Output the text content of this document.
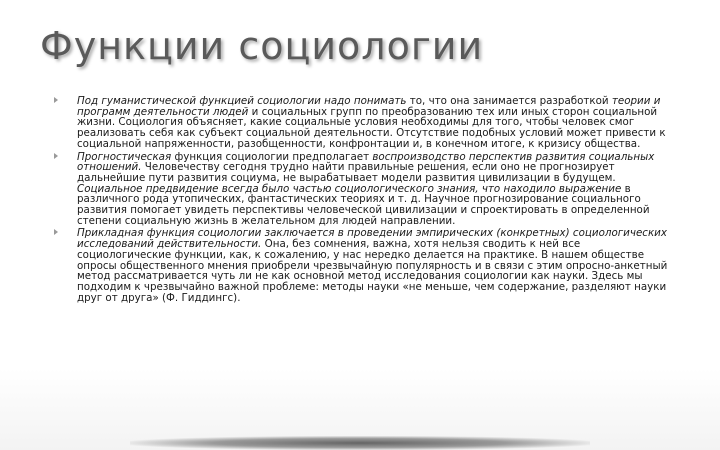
Функции социологии
Под гуманистической функцией социологии надо понимать то, что она занимается разработкой теории и программ деятельности людей и социальных групп по преобразованию тех или иных сторон социальной жизни. Социология объясняет, какие социальные условия необходимы для того, чтобы человек смог реализовать себя как субъект социальной деятельности. Отсутствие подобных условий может привести к социальной напряженности, разобщенности, конфронтации и, в конечном итоге, к кризису общества.
Прогностическая функция социологии предполагает воспроизводство перспектив развития социальных отношений. Человечеству сегодня трудно найти правильные решения, если оно не прогнозирует дальнейшие пути развития социума, не вырабатывает модели развития цивилизации в будущем. Социальное предвидение всегда было частью социологического знания, что находило выражение в различного рода утопических, фантастических теориях и т. д. Научное прогнозирование социального развития помогает увидеть перспективы человеческой цивилизации и спроектировать в определенной степени социальную жизнь в желательном для людей направлении.
Прикладная функция социологии заключается в проведении эмпирических (конкретных) социологических исследований действительности. Она, без сомнения, важна, хотя нельзя сводить к ней все социологические функции, как, к сожалению, у нас нередко делается на практике. В нашем обществе опросы общественного мнения приобрели чрезвычайную популярность и в связи с этим опросно-анкетный метод рассматривается чуть ли не как основной метод исследования социологии как науки. Здесь мы подходим к чрезвычайно важной проблеме: методы науки «не меньше, чем содержание, разделяют науки друг от друга» (Ф. Гиддингс).
